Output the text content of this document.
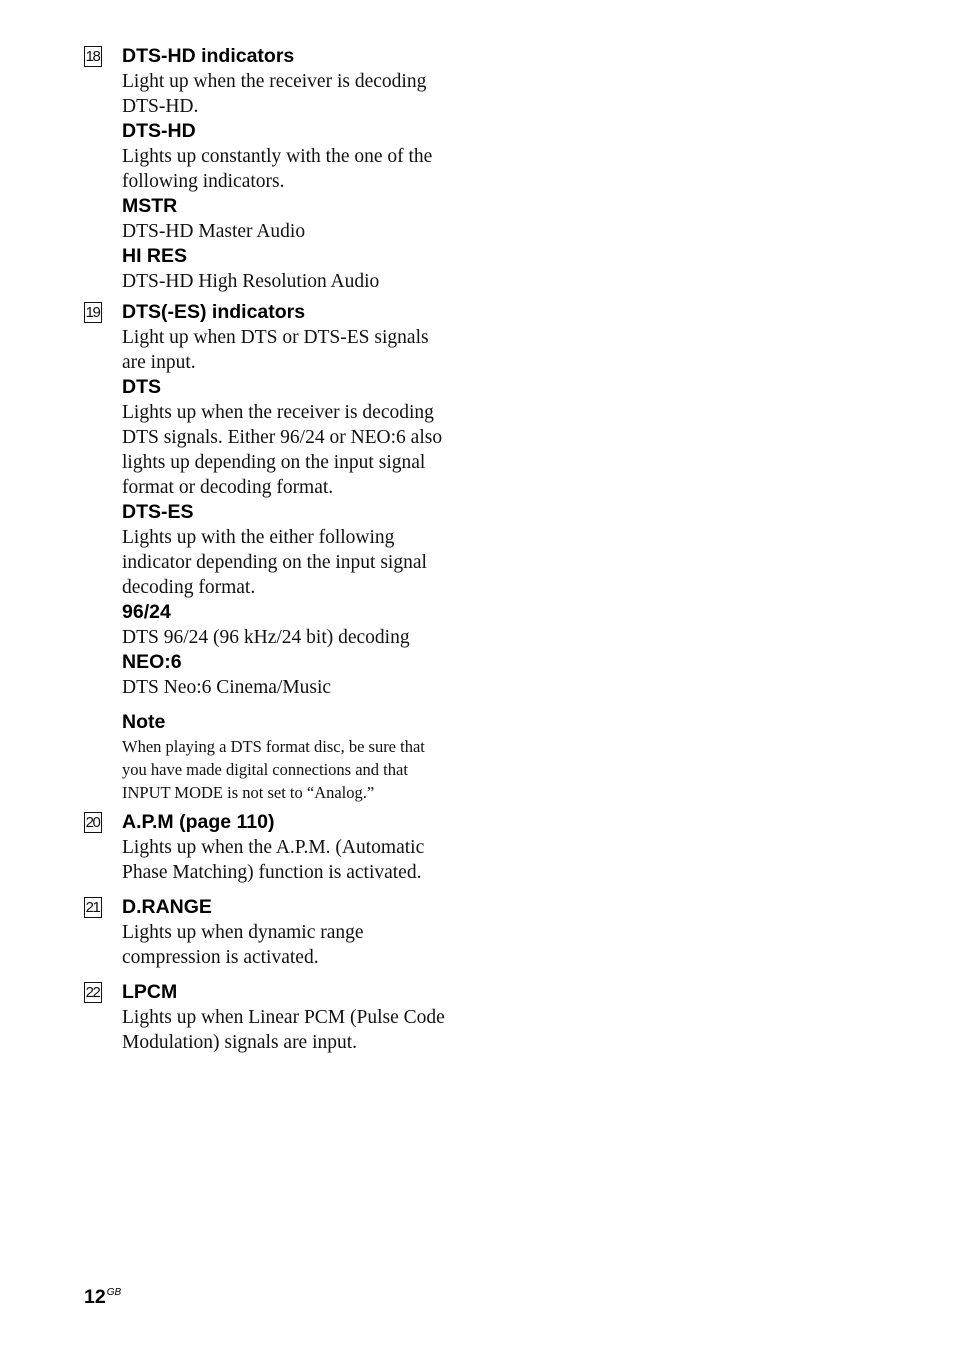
18 DTS-HD indicators

Light up when the receiver is decoding

DTS-HD.

DTS-HD

Lights up constantly with the one of the

following indicators.

MSTR

DTS-HD Master Audio

HI RES

DTS-HD High Resolution Audio

19 DTS(-ES) indicators

Light up when DTS or DTS-ES signals

are input.

DTS

Lights up when the receiver is decoding

DTS signals. Either 96/24 or NEO:6 also

lights up depending on the input signal

format or decoding format.

DTS-ES

Lights up with the either following

indicator depending on the input signal

decoding format.

96/24

DTS 96/24 (96 kHz/24 bit) decoding

NEO:6

DTS Neo:6 Cinema/Music

Note

When playing a DTS format disc, be sure that

you have made digital connections and that

INPUT MODE is not set to “Analog.”

20 A.P.M (page 110)

Lights up when the A.P.M. (Automatic

Phase Matching) function is activated.

21 D.RANGE

Lights up when dynamic range

compression is activated.

22 LPCM

Lights up when Linear PCM (Pulse Code

Modulation) signals are input.

$12^{GB}$
